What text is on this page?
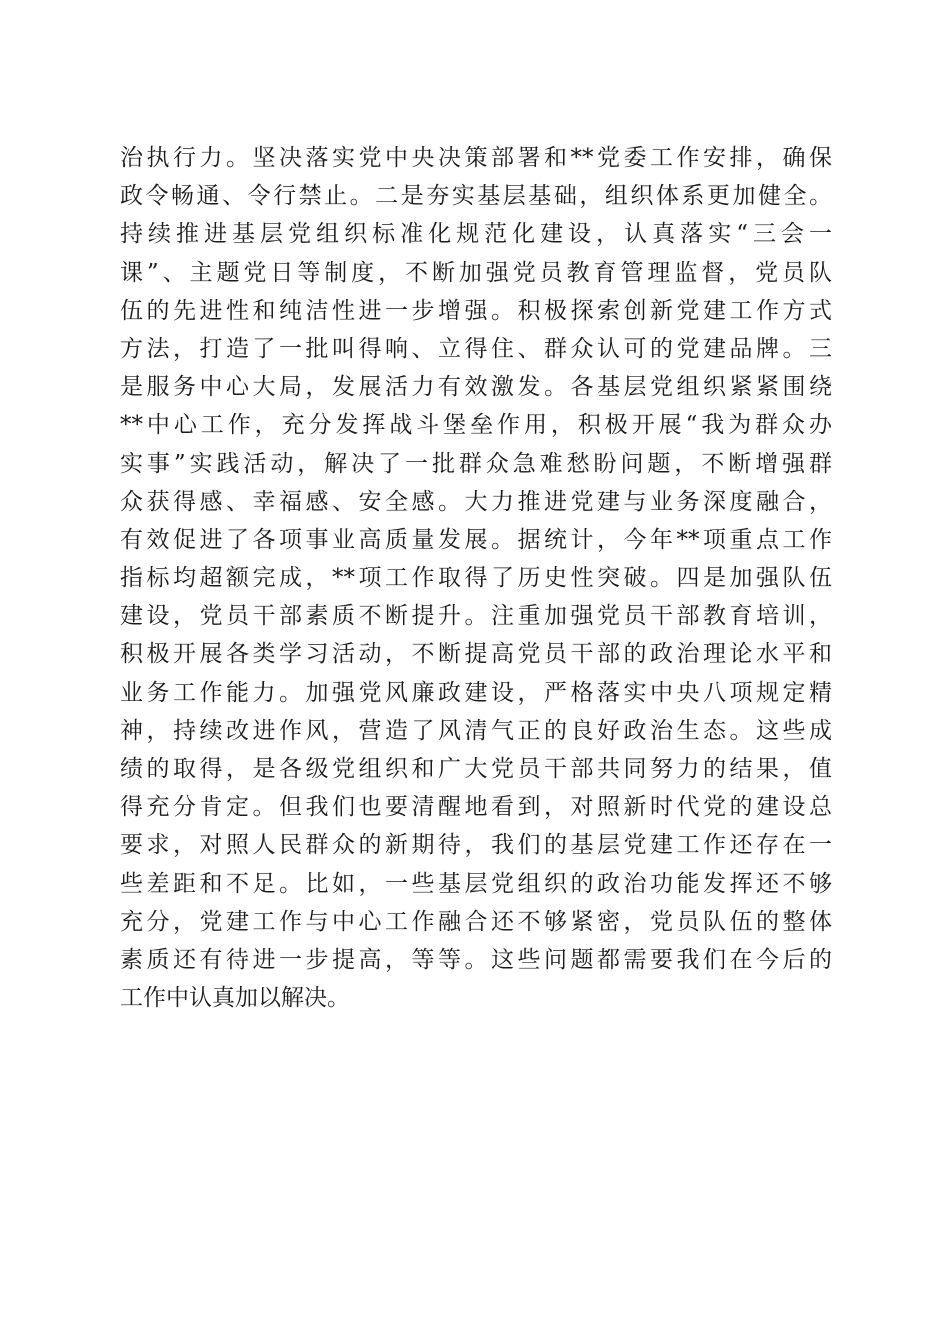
治执行力。坚决落实党中央决策部署和**党委工作安排，确保
政令畅通、令行禁止。二是夯实基层基础，组织体系更加健全。
持续推进基层党组织标准化规范化建设，认真落实“三会一
课”、主题党日等制度，不断加强党员教育管理监督，党员队
伍的先进性和纯洁性进一步增强。积极探索创新党建工作方式
方法，打造了一批叫得响、立得住、群众认可的党建品牌。三
是服务中心大局，发展活力有效激发。各基层党组织紧紧围绕
**中心工作，充分发挥战斗堡垒作用，积极开展“我为群众办
实事”实践活动，解决了一批群众急难愁盼问题，不断增强群
众获得感、幸福感、安全感。大力推进党建与业务深度融合，
有效促进了各项事业高质量发展。据统计，今年**项重点工作
指标均超额完成，**项工作取得了历史性突破。四是加强队伍
建设，党员干部素质不断提升。注重加强党员干部教育培训，
积极开展各类学习活动，不断提高党员干部的政治理论水平和
业务工作能力。加强党风廉政建设，严格落实中央八项规定精
神，持续改进作风，营造了风清气正的良好政治生态。这些成
绩的取得，是各级党组织和广大党员干部共同努力的结果，值
得充分肯定。但我们也要清醒地看到，对照新时代党的建设总
要求，对照人民群众的新期待，我们的基层党建工作还存在一
些差距和不足。比如，一些基层党组织的政治功能发挥还不够
充分，党建工作与中心工作融合还不够紧密，党员队伍的整体
素质还有待进一步提高，等等。这些问题都需要我们在今后的
工作中认真加以解决。
